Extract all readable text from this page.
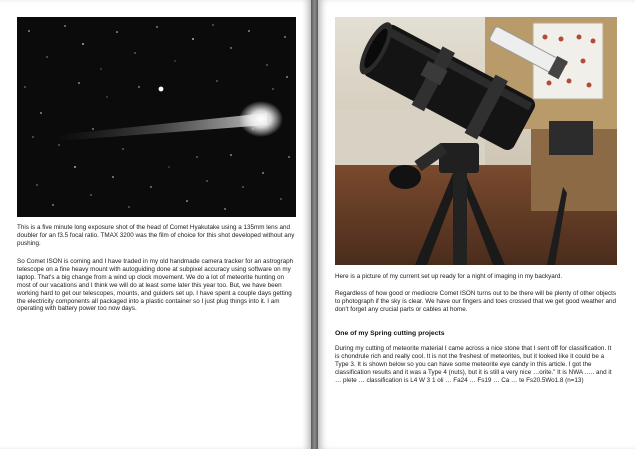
This is a five minute long exposure shot of the head of Comet Hyakutake using a 135mm lens and doubler for an f3.5 focal ratio. TMAX 3200 was the film of choice for this shot developed without any pushing.

So Comet ISON is coming and I have traded in my old handmade camera tracker for an astrograph telescope on a fine heavy mount with autoguiding done at subpixel accuracy using software on my laptop. That's a big change from a wind up clock movement. We do a lot of meteorite hunting on most of our vacations and I think we will do at least some later this year too. But, we have been working hard to get our telescopes, mounts, and guiders set up. I have spent a couple days getting the electricity components all packaged into a plastic container so I just plug things into it. I am operating with battery power too now days.

Here is a picture of my current set up ready for a night of imaging in my backyard.

Regardless of how good or mediocre Comet ISON turns out to be there will be plenty of other objects to photograph if the sky is clear. We have our fingers and toes crossed that we get good weather and don't forget any crucial parts or cables at home.

One of my Spring cutting projects

During my cutting of meteorite material I came across a nice stone that I sent off for classification. It is chondrule rich and really cool. It is not the freshest of meteorites, but it looked like it could be a Type 3. It is shown below so you can have some meteorite eye candy in this article. I got the classification results and it was a Type 4 (nuts), but it is still a very nice …orite.” It is NWA ….. and it … plete … classification is L4 W 3 1 oli … Fa24 … Fs19 … Ca … te Fs20.5Wo1.8 (n=13)
